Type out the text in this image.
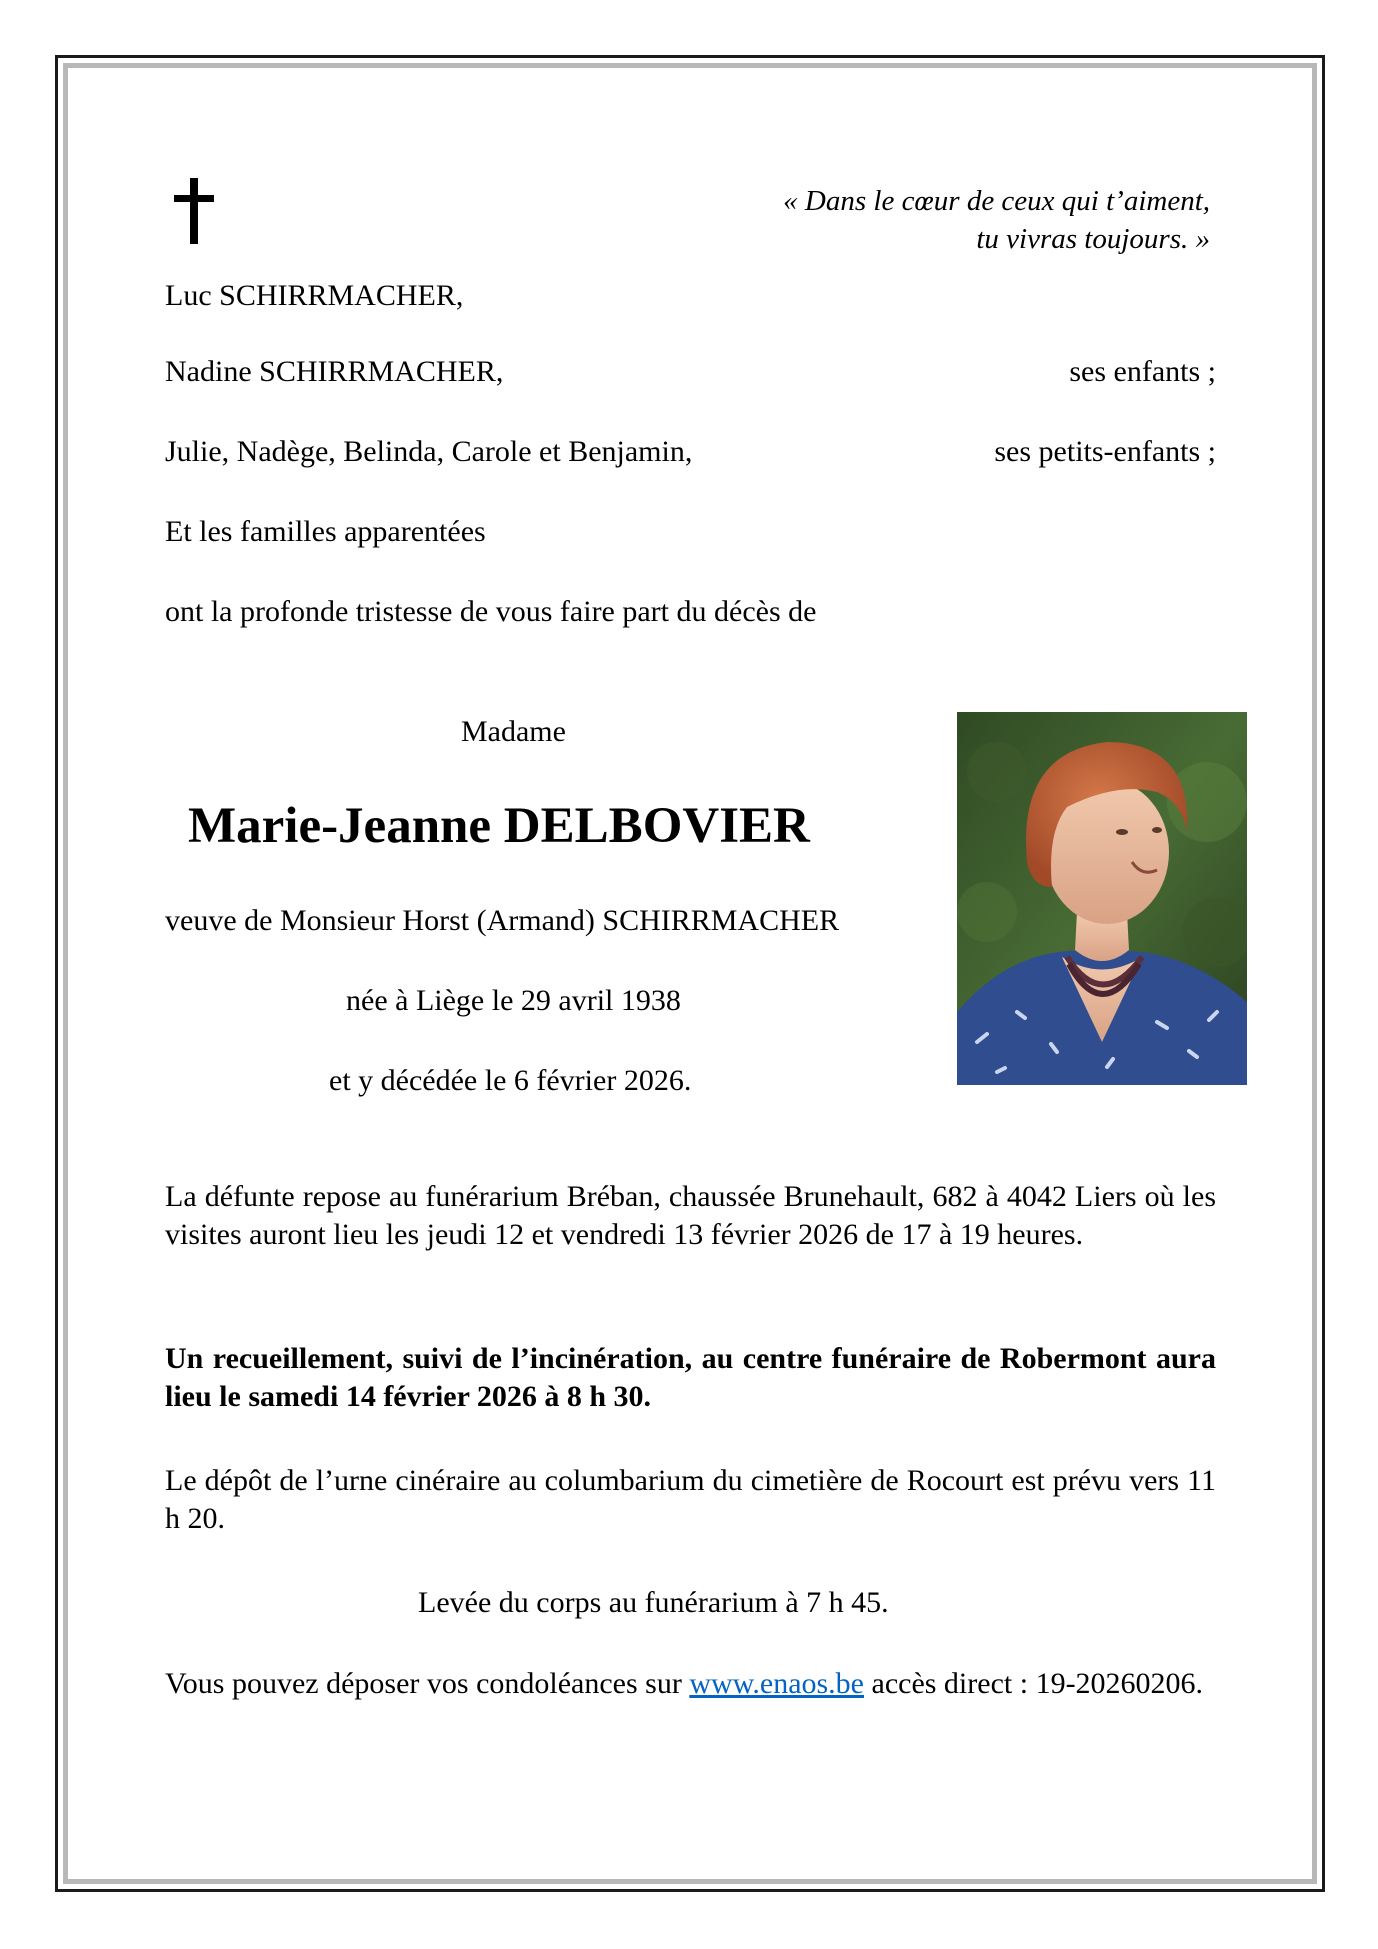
« Dans le cœur de ceux qui t’aiment,
tu vivras toujours. »
Luc SCHIRRMACHER,
Nadine SCHIRRMACHER,	ses enfants ;
Julie, Nadège, Belinda, Carole et Benjamin,	ses petits-enfants ;
Et les familles apparentées
ont la profonde tristesse de vous faire part du décès de
Madame
Marie-Jeanne DELBOVIER
veuve de Monsieur Horst (Armand) SCHIRRMACHER
née à Liège le 29 avril 1938
et y décédée le 6 février 2026.
La défunte repose au funérarium Bréban, chaussée Brunehault, 682 à 4042 Liers où les visites auront lieu les jeudi 12 et vendredi 13 février 2026 de 17 à 19 heures.
Un recueillement, suivi de l’incinération, au centre funéraire de Robermont aura lieu le samedi 14 février 2026 à 8 h 30.
Le dépôt de l’urne cinéraire au columbarium du cimetière de Rocourt est prévu vers 11 h 20.
Levée du corps au funérarium à 7 h 45.
Vous pouvez déposer vos condoléances sur www.enaos.be accès direct : 19-20260206.
